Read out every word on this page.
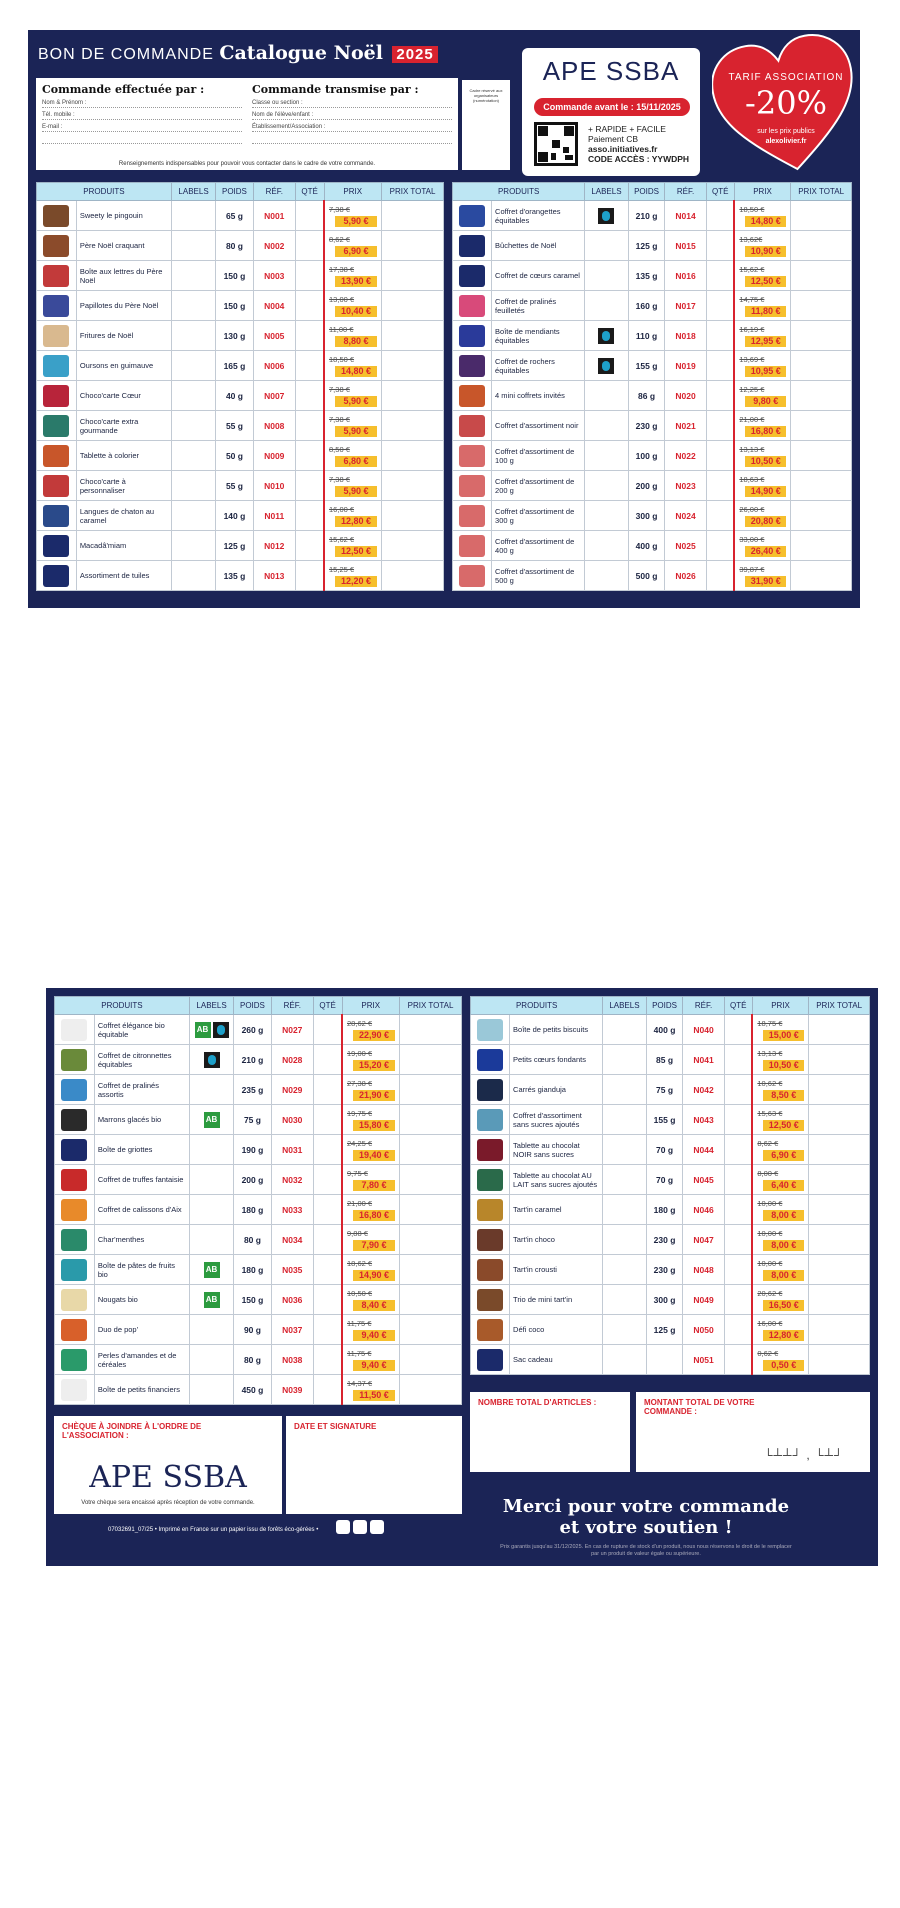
BON DE COMMANDE Catalogue Noël 2025
Commande effectuée par :
Nom & Prénom :
Tél. mobile :
E-mail :
Commande transmise par :
Classe ou section :
Nom de l'élève/enfant :
Établissement/Association :
Renseignements indispensables pour pouvoir vous contacter dans le cadre de votre commande.
Cadre réservé aux organisateurs (numérotation)
APE SSBA
Commande avant le : 15/11/2025
+ RAPIDE + FACILE
Paiement CB
asso.initiatives.fr
CODE ACCÈS : YYWDPH
TARIF ASSOCIATION
-20%
sur les prix publics
alexolivier.fr
PRODUITS		LABELS	POIDS	RÉF.	QTÉ	PRIX	PRIX TOTAL

	Sweety le pingouin		65 g	N001		7,38 €
5,90 €	

	Père Noël craquant		80 g	N002		8,62 €
6,90 €	

	Boîte aux lettres du Père Noël		150 g	N003		17,38 €
13,90 €	

	Papillotes du Père Noël		150 g	N004		13,00 €
10,40 €	

	Fritures de Noël		130 g	N005		11,00 €
8,80 €	

	Oursons en guimauve		165 g	N006		18,50 €
14,80 €	

	Choco'carte Cœur		40 g	N007		7,38 €
5,90 €	

	Choco'carte extra gourmande		55 g	N008		7,38 €
5,90 €	

	Tablette à colorier		50 g	N009		8,50 €
6,80 €	

	Choco'carte à personnaliser		55 g	N010		7,38 €
5,90 €	

	Langues de chaton au caramel		140 g	N011		16,00 €
12,80 €	

	Macadâ'miam		125 g	N012		15,62 €
12,50 €	

	Assortiment de tuiles		135 g	N013		15,25 €
12,20 €	

PRODUITS		LABELS	POIDS	RÉF.	QTÉ	PRIX	PRIX TOTAL

	Coffret d'orangettes équitables		210 g	N014		18,50 €
14,80 €	

	Bûchettes de Noël		125 g	N015		13,62€
10,90 €	

	Coffret de cœurs caramel		135 g	N016		15,62 €
12,50 €	

	Coffret de pralinés feuilletés		160 g	N017		14,75 €
11,80 €	

	Boîte de mendiants équitables		110 g	N018		16,19 €
12,95 €	

	Coffret de rochers équitables		155 g	N019		13,69 €
10,95 €	

	4 mini coffrets invités		86 g	N020		12,25 €
9,80 €	

	Coffret d'assortiment noir		230 g	N021		21,00 €
16,80 €	

	Coffret d'assortiment de 100 g		100 g	N022		13,13 €
10,50 €	

	Coffret d'assortiment de 200 g		200 g	N023		18,63 €
14,90 €	

	Coffret d'assortiment de 300 g		300 g	N024		26,00 €
20,80 €	

	Coffret d'assortiment de 400 g		400 g	N025		33,00 €
26,40 €	

	Coffret d'assortiment de 500 g		500 g	N026		39,87 €
31,90 €	

PRODUITS		LABELS	POIDS	RÉF.	QTÉ	PRIX	PRIX TOTAL

	Coffret élégance bio équitable	AB	260 g	N027		28,62 €
22,90 €	

	Coffret de citronnettes équitables		210 g	N028		19,00 €
15,20 €	

	Coffret de pralinés assortis		235 g	N029		27,38 €
21,90 €	

	Marrons glacés bio	AB	75 g	N030		19,75 €
15,80 €	

	Boîte de griottes		190 g	N031		24,25 €
19,40 €	

	Coffret de truffes fantaisie		200 g	N032		9,75 €
7,80 €	

	Coffret de calissons d'Aix		180 g	N033		21,00 €
16,80 €	

	Char'menthes		80 g	N034		9,88 €
7,90 €	

	Boîte de pâtes de fruits bio	AB	180 g	N035		18,62 €
14,90 €	

	Nougats bio	AB	150 g	N036		10,50 €
8,40 €	

	Duo de pop'		90 g	N037		11,75 €
9,40 €	

	Perles d'amandes et de céréales		80 g	N038		11,75 €
9,40 €	

	Boîte de petits financiers		450 g	N039		14,37 €
11,50 €	

PRODUITS		LABELS	POIDS	RÉF.	QTÉ	PRIX	PRIX TOTAL

	Boîte de petits biscuits		400 g	N040		18,75 €
15,00 €	

	Petits cœurs fondants		85 g	N041		13,13 €
10,50 €	

	Carrés gianduja		75 g	N042		10,62 €
8,50 €	

	Coffret d'assortiment sans sucres ajoutés		155 g	N043		15,63 €
12,50 €	

	Tablette au chocolat NOIR sans sucres		70 g	N044		8,62 €
6,90 €	

	Tablette au chocolat AU LAIT sans sucres ajoutés		70 g	N045		8,00 €
6,40 €	

	Tart'in caramel		180 g	N046		10,00 €
8,00 €	

	Tart'in choco		230 g	N047		10,00 €
8,00 €	

	Tart'in crousti		230 g	N048		10,00 €
8,00 €	

	Trio de mini tart'in		300 g	N049		20,62 €
16,50 €	

	Défi coco		125 g	N050		16,00 €
12,80 €	

	Sac cadeau			N051		0,62 €
0,50 €	

CHÈQUE À JOINDRE À L'ORDRE DE L'ASSOCIATION :
APE SSBA
Votre chèque sera encaissé après réception de votre commande.
DATE ET SIGNATURE
NOMBRE TOTAL D'ARTICLES :	MONTANT TOTAL DE VOTRE COMMANDE :
└┴┴┘ , └┴┘
Merci pour votre commande
et votre soutien !
Prix garantis jusqu'au 31/12/2025. En cas de rupture de stock d'un produit, nous nous réservons le droit de le remplacer par un produit de valeur égale ou supérieure.
07032691_07/25 • Imprimé en France sur un papier issu de forêts éco-gérées •
